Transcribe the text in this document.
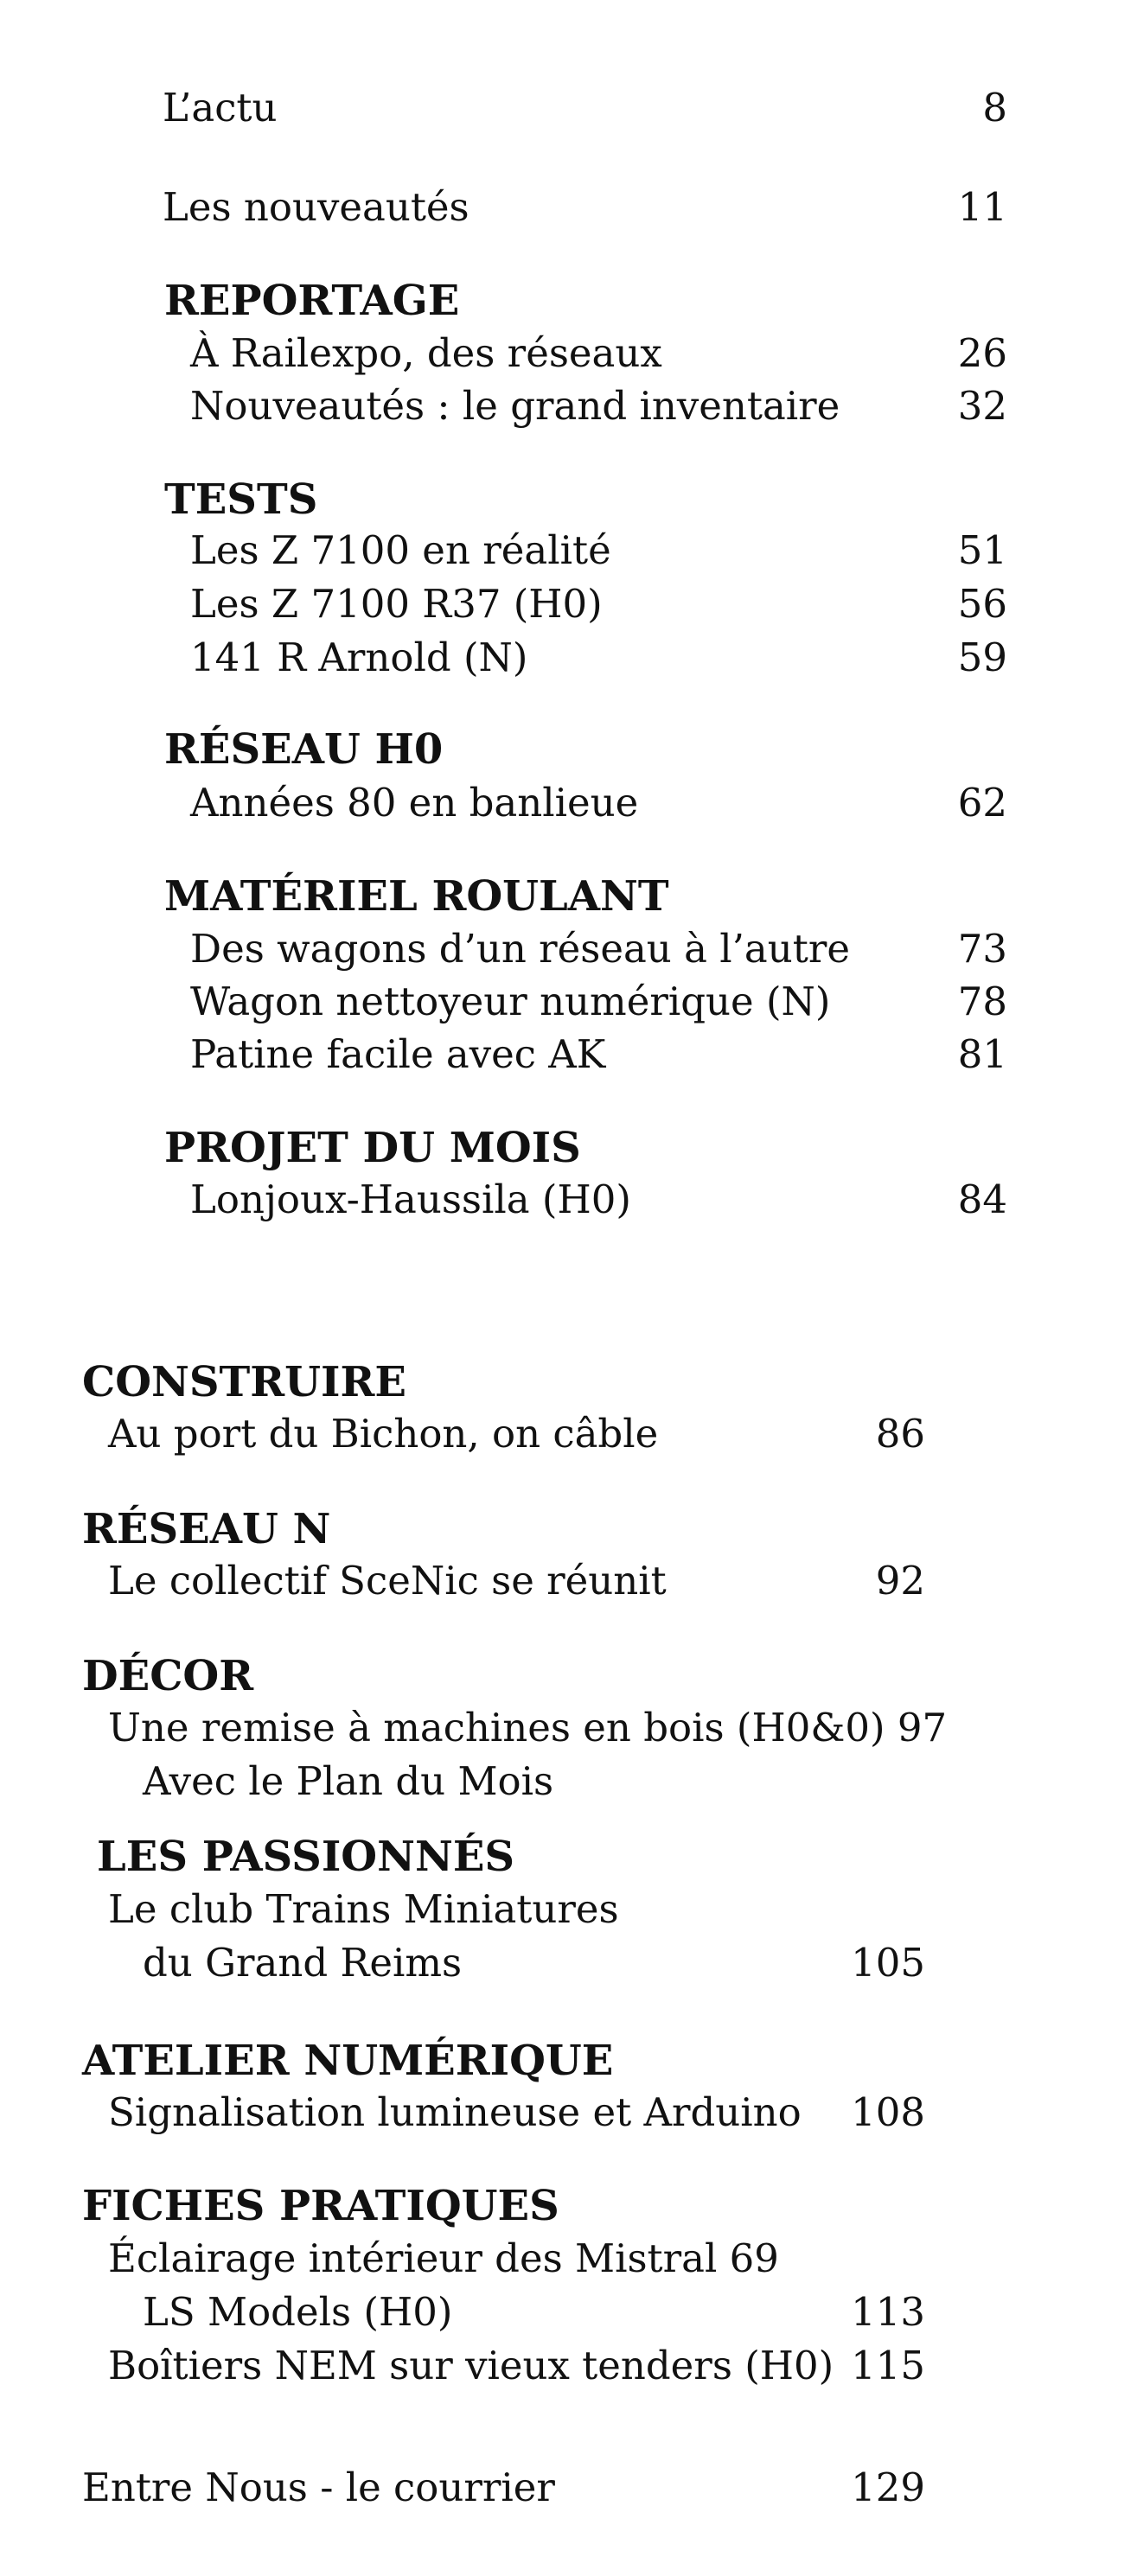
L’actu	8
Les nouveautés	11
REPORTAGE
À Railexpo, des réseaux	26
Nouveautés : le grand inventaire	32
TESTS
Les Z 7100 en réalité	51
Les Z 7100 R37 (H0)	56
141 R Arnold (N)	59
RÉSEAU H0
Années 80 en banlieue	62
MATÉRIEL ROULANT
Des wagons d’un réseau à l’autre	73
Wagon nettoyeur numérique (N)	78
Patine facile avec AK	81
PROJET DU MOIS
Lonjoux-Haussila (H0)	84
CONSTRUIRE
Au port du Bichon, on câble	86
RÉSEAU N
Le collectif SceNic se réunit	92
DÉCOR
Une remise à machines en bois (H0&0) 97
Avec le Plan du Mois
LES PASSIONNÉS
Le club Trains Miniatures
du Grand Reims	105
ATELIER NUMÉRIQUE
Signalisation lumineuse et Arduino 108
FICHES PRATIQUES
Éclairage intérieur des Mistral 69
LS Models (H0)	113
Boîtiers NEM sur vieux tenders (H0) 115
Entre Nous - le courrier	129
